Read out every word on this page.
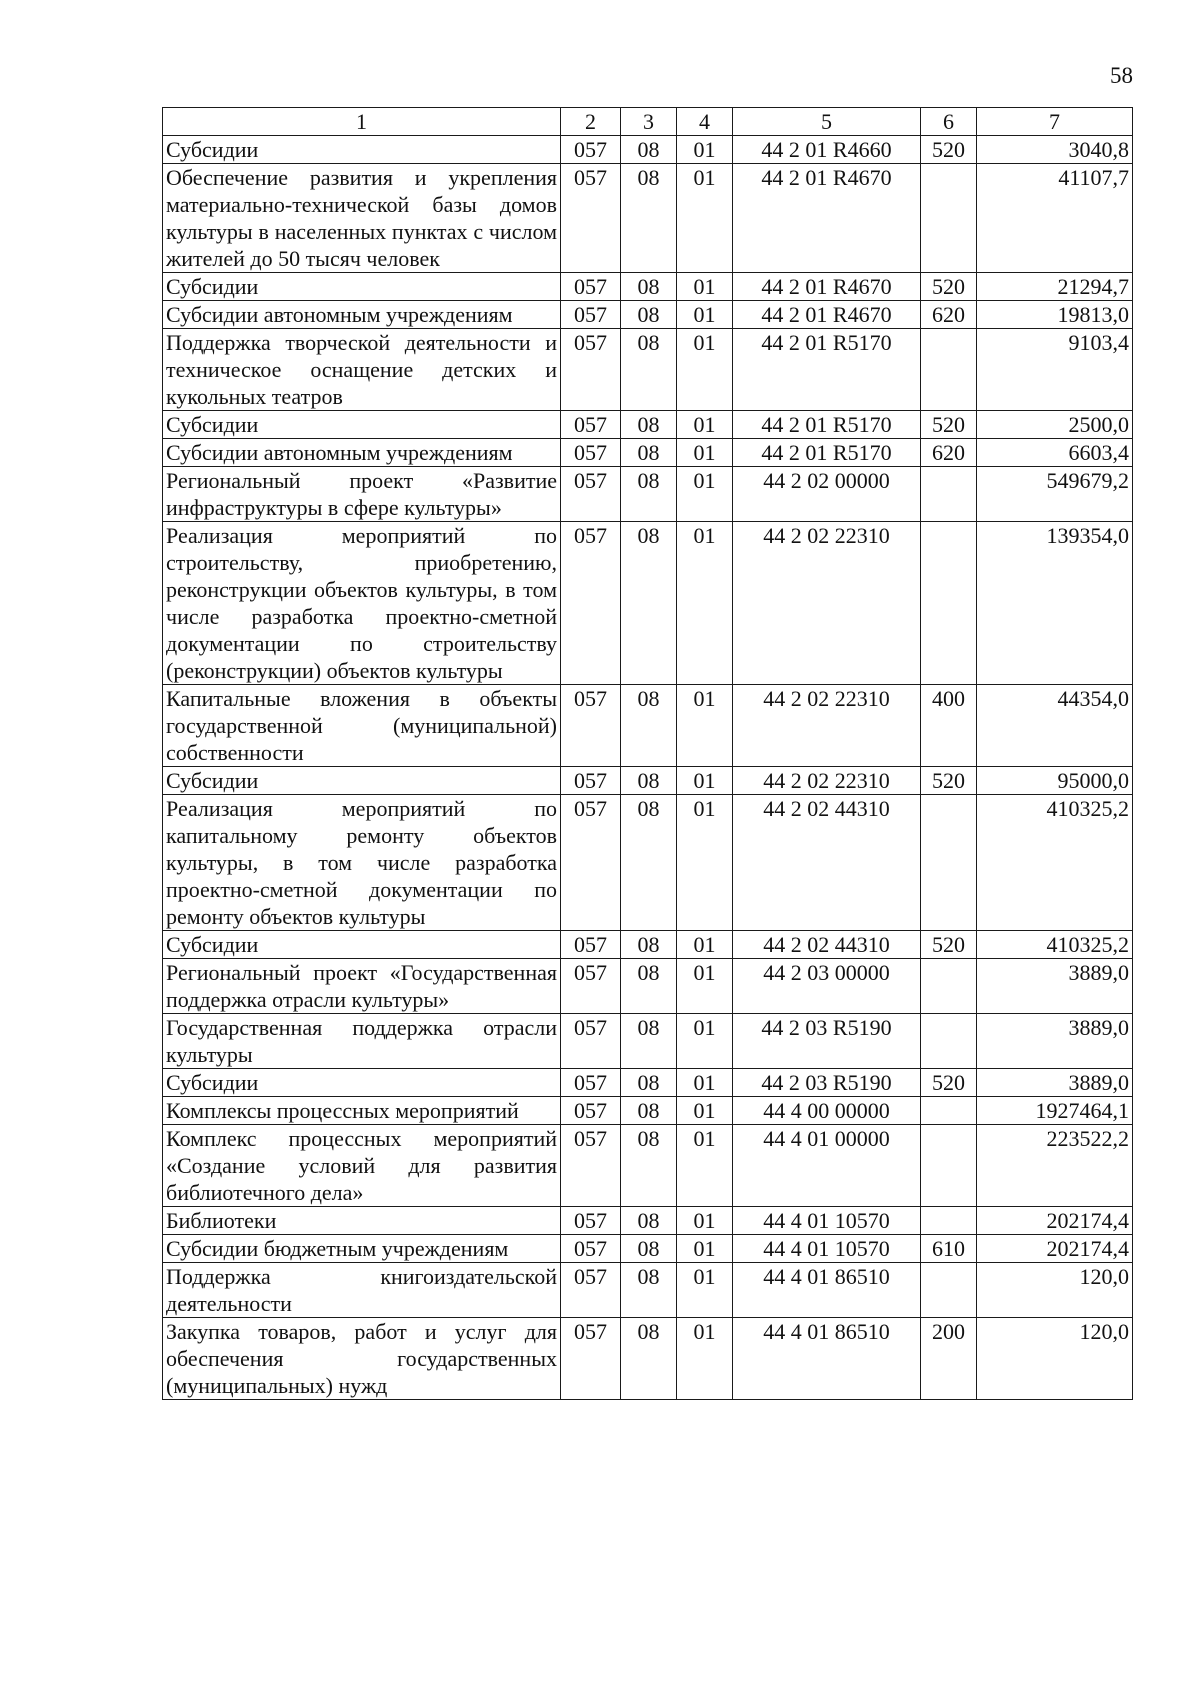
58
1	2	3	4	5	6	7
Субсидии	057	08	01	44 2 01 R4660	520	3040,8
Обеспечение развития и укрепления материально-технической базы домов культуры в населенных пунктах с числом жителей до 50 тысяч человек	057	08	01	44 2 01 R4670		41107,7
Субсидии	057	08	01	44 2 01 R4670	520	21294,7
Субсидии автономным учреждениям	057	08	01	44 2 01 R4670	620	19813,0
Поддержка творческой деятельности и техническое оснащение детских и кукольных театров	057	08	01	44 2 01 R5170		9103,4
Субсидии	057	08	01	44 2 01 R5170	520	2500,0
Субсидии автономным учреждениям	057	08	01	44 2 01 R5170	620	6603,4
Региональный проект «Развитие инфраструктуры в сфере культуры»	057	08	01	44 2 02 00000		549679,2
Реализация мероприятий по строительству, приобретению, реконструкции объектов культуры, в том числе разработка проектно-сметной документации по строительству (реконструкции) объектов культуры	057	08	01	44 2 02 22310		139354,0
Капитальные вложения в объекты государственной (муниципальной) собственности	057	08	01	44 2 02 22310	400	44354,0
Субсидии	057	08	01	44 2 02 22310	520	95000,0
Реализация мероприятий по капитальному ремонту объектов культуры, в том числе разработка проектно-сметной документации по ремонту объектов культуры	057	08	01	44 2 02 44310		410325,2
Субсидии	057	08	01	44 2 02 44310	520	410325,2
Региональный проект «Государственная поддержка отрасли культуры»	057	08	01	44 2 03 00000		3889,0
Государственная поддержка отрасли культуры	057	08	01	44 2 03 R5190		3889,0
Субсидии	057	08	01	44 2 03 R5190	520	3889,0
Комплексы процессных мероприятий	057	08	01	44 4 00 00000		1927464,1
Комплекс процессных мероприятий «Создание условий для развития библиотечного дела»	057	08	01	44 4 01 00000		223522,2
Библиотеки	057	08	01	44 4 01 10570		202174,4
Субсидии бюджетным учреждениям	057	08	01	44 4 01 10570	610	202174,4
Поддержка книгоиздательской деятельности	057	08	01	44 4 01 86510		120,0
Закупка товаров, работ и услуг для обеспечения государственных (муниципальных) нужд	057	08	01	44 4 01 86510	200	120,0
